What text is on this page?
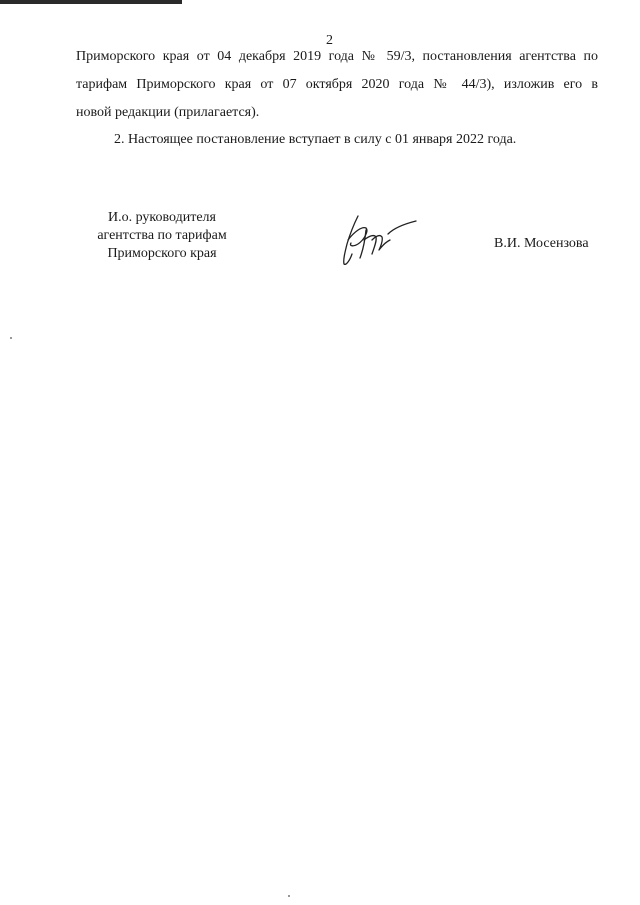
2

Приморского края от 04 декабря 2019 года № 59/3, постановления агентства по
тарифам Приморского края от 07 октября 2020 года № 44/3), изложив его в
новой редакции (прилагается).

2. Настоящее постановление вступает в силу с 01 января 2022 года.

И.о. руководителя
агентства по тарифам
Приморского края
В.И. Мосензова
